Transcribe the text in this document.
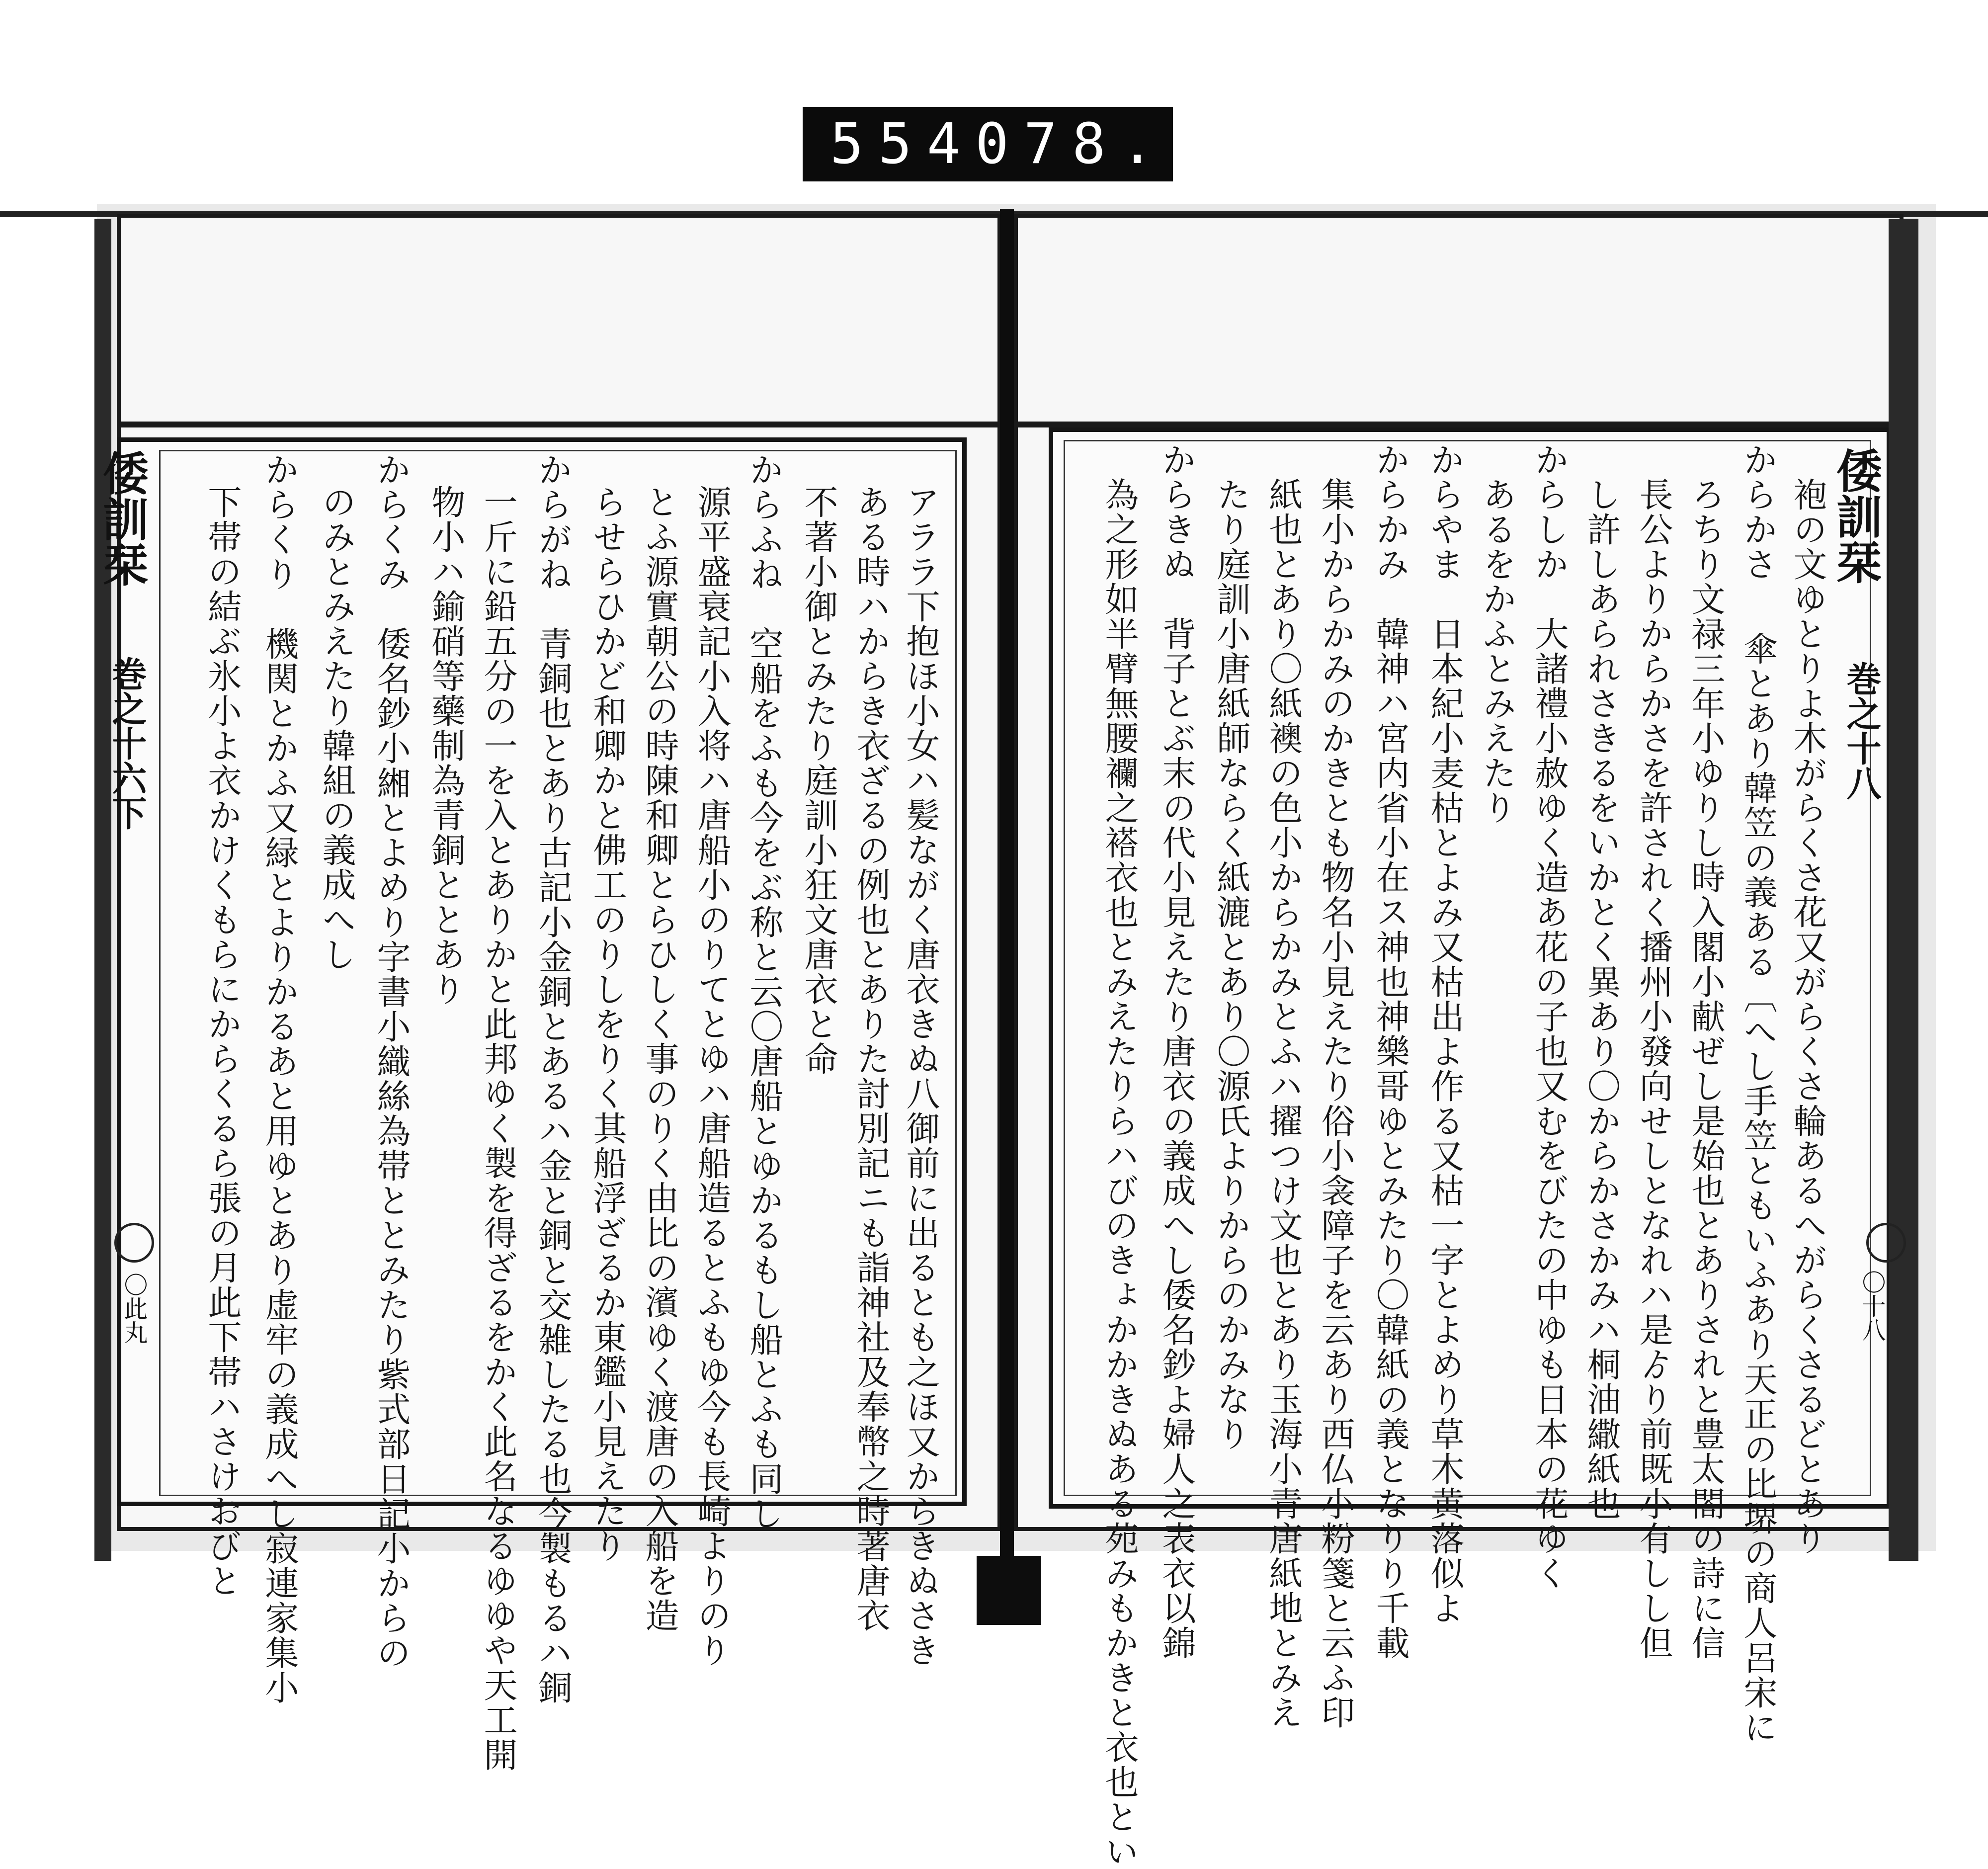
554 078.
倭訓栞
巻之十六下
〇此丸	アララ下抱ほ小女ハ髪ながく唐衣きぬ八御前に出るとも之ほ又からきぬさき
ある時ハからき衣ざるの例也とありた討別記ニも詣神社及奉幣之時著唐衣
不著小御とみたり庭訓小狂文唐衣と命
からふね　空船をふも今をぶ称と云〇唐船とゆかるもし船とふも同し
源平盛衰記小入将ハ唐船小のりてとゆハ唐船造るとふもゆ今も長崎よりのり
とふ源實朝公の時陳和卿とらひしく事のりく由比の濱ゆく渡唐の入船を造
らせらひかど和卿かと佛工のりしをりく其船浮ざるか東鑑小見えたり
からがね　青銅也とあり古記小金銅とあるハ金と銅と交雑したる也今製もるハ銅
一斤に鉛五分の一を入とありかと此邦ゆく製を得ざるをかく此名なるゆゆや天工開
物小ハ鍮硝等藥制為青銅ととあり
からくみ　倭名鈔小緗とよめり字書小織絲為帯ととみたり紫式部日記小からの
のみとみえたり韓組の義成へし
からくり　機関とかふ又緑とよりかるあと用ゆとあり虚牢の義成へし寂連家集小
下帯の結ぶ氷小よ衣かけくもらにからくるら張の月此下帯ハさけおびと	倭訓栞
巻之十八
〇十八
袍の文ゆとりよ木がらくさ花又がらくさ輪あるへがらくさるどとあり
からかさ
ろちり文禄三年小ゆりし時入閣小献ぜし是始也とありされと豊太閤の詩に信 傘とあり韓笠の義ある〔へし手笠ともいふあり天正の比堺の商人呂宋に
長公よりからかさを許されく播州小發向せしとなれハ是ゟり前既小有しし但
し許しあられさきるをいかとく異あり〇からかさかみハ桐油繖紙也
からしか　大諸禮小赦ゆく造あ花の子也又むをびたの中ゆも日本の花ゆく
あるをかふとみえたり
からやま　日本紀小麦枯とよみ又枯出よ作る又枯一字とよめり草木黄落似よ
からかみ　韓神ハ宮内省小在ス神也神樂哥ゆとみたり〇韓紙の義となりり千載
集小からかみのかきとも物名小見えたり俗小衾障子を云あり西仏小粉箋と云ふ印
紙也とあり〇紙襖の色小からかみとふハ擢つけ文也とあり玉海小青唐紙地とみえ
たり庭訓小唐紙師ならく紙漉とあり〇源氏よりからのかみなり
からきぬ　背子とぶ末の代小見えたり唐衣の義成へし倭名鈔よ婦人之表衣以錦
為之形如半臂無腰襴之褡衣也とみえたりらハびのきょかかきぬある苑みもかきと衣也とい
